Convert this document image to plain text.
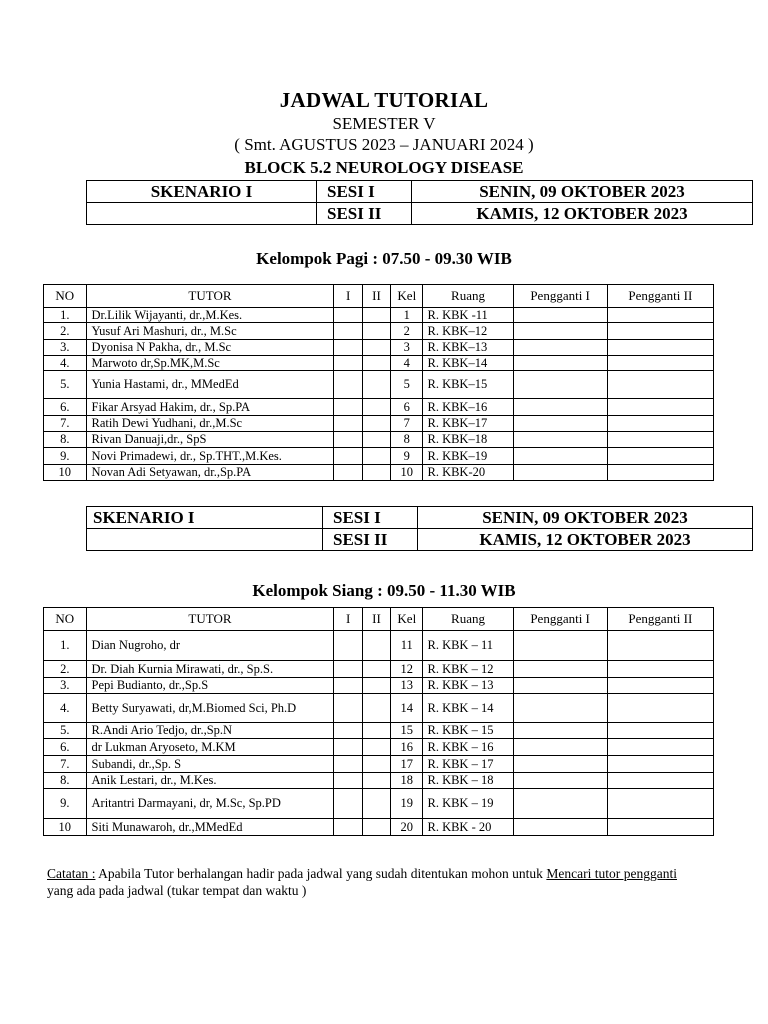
JADWAL TUTORIAL
SEMESTER V
( Smt. AGUSTUS 2023 – JANUARI 2024 )
BLOCK 5.2 NEUROLOGY DISEASE
SKENARIO I	SESI I	SENIN, 09 OKTOBER 2023
	SESI II	KAMIS, 12 OKTOBER 2023
Kelompok Pagi : 07.50 - 09.30 WIB
NO	TUTOR	I	II	Kel	Ruang	Pengganti I	Pengganti II
1.	Dr.Lilik Wijayanti, dr.,M.Kes.			1	R. KBK -11		
2.	Yusuf Ari Mashuri, dr., M.Sc			2	R. KBK–12		
3.	Dyonisa N Pakha, dr., M.Sc			3	R. KBK–13		
4.	Marwoto dr,Sp.MK,M.Sc			4	R. KBK–14		
5.	Yunia Hastami, dr., MMedEd			5	R. KBK–15		
6.	Fikar Arsyad Hakim, dr., Sp.PA			6	R. KBK–16		
7.	Ratih Dewi Yudhani, dr.,M.Sc			7	R. KBK–17		
8.	Rivan Danuaji,dr., SpS			8	R. KBK–18		
9.	Novi Primadewi, dr., Sp.THT.,M.Kes.			9	R. KBK–19		
10	Novan Adi Setyawan, dr.,Sp.PA			10	R. KBK-20		
SKENARIO I	SESI I	SENIN, 09 OKTOBER 2023
	SESI II	KAMIS, 12 OKTOBER 2023
Kelompok Siang : 09.50 - 11.30 WIB
NO	TUTOR	I	II	Kel	Ruang	Pengganti I	Pengganti II
1.	Dian Nugroho, dr			11	R. KBK – 11		
2.	Dr. Diah Kurnia Mirawati, dr., Sp.S.			12	R. KBK – 12		
3.	Pepi Budianto, dr.,Sp.S			13	R. KBK – 13		
4.	Betty Suryawati, dr,M.Biomed Sci, Ph.D			14	R. KBK – 14		
5.	R.Andi Ario Tedjo, dr.,Sp.N			15	R. KBK – 15		
6.	dr Lukman Aryoseto, M.KM			16	R. KBK – 16		
7.	Subandi, dr.,Sp. S			17	R. KBK – 17		
8.	Anik Lestari, dr., M.Kes.			18	R. KBK – 18		
9.	Aritantri Darmayani, dr, M.Sc, Sp.PD			19	R. KBK – 19		
10	Siti Munawaroh, dr.,MMedEd			20	R. KBK - 20		
Catatan : Apabila Tutor berhalangan hadir pada jadwal yang sudah ditentukan mohon untuk Mencari tutor pengganti yang ada pada jadwal (tukar tempat dan waktu )
